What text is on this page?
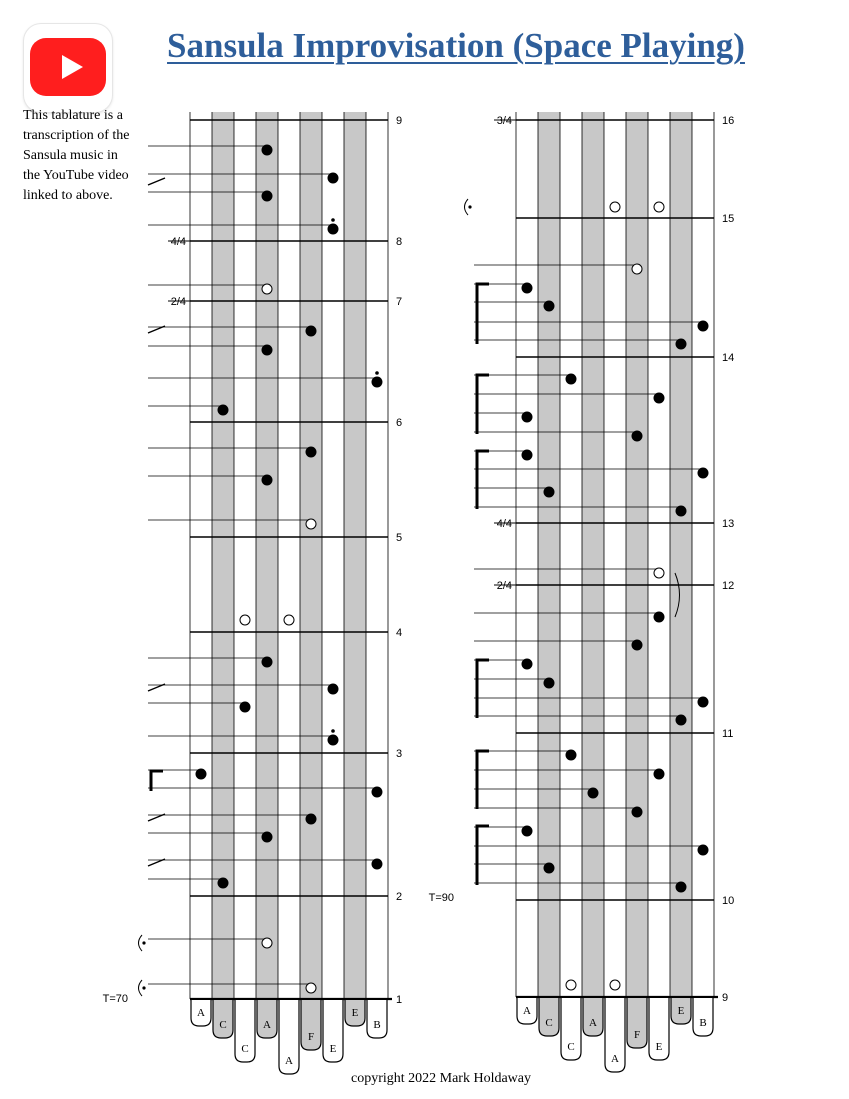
Sansula Improvisation (Space Playing)
This tablature is a
transcription of the
Sansula music in
the YouTube video
linked to above.
9
8
7
6
5
4
3
2
1
4/4
2/4
T=70
A
C
C
A
A
F
E
E
B
16
15
14
13
12
11
10
9
3/4
4/4
2/4
T=90
A
C
C
A
A
F
E
E
B
copyright 2022 Mark Holdaway
